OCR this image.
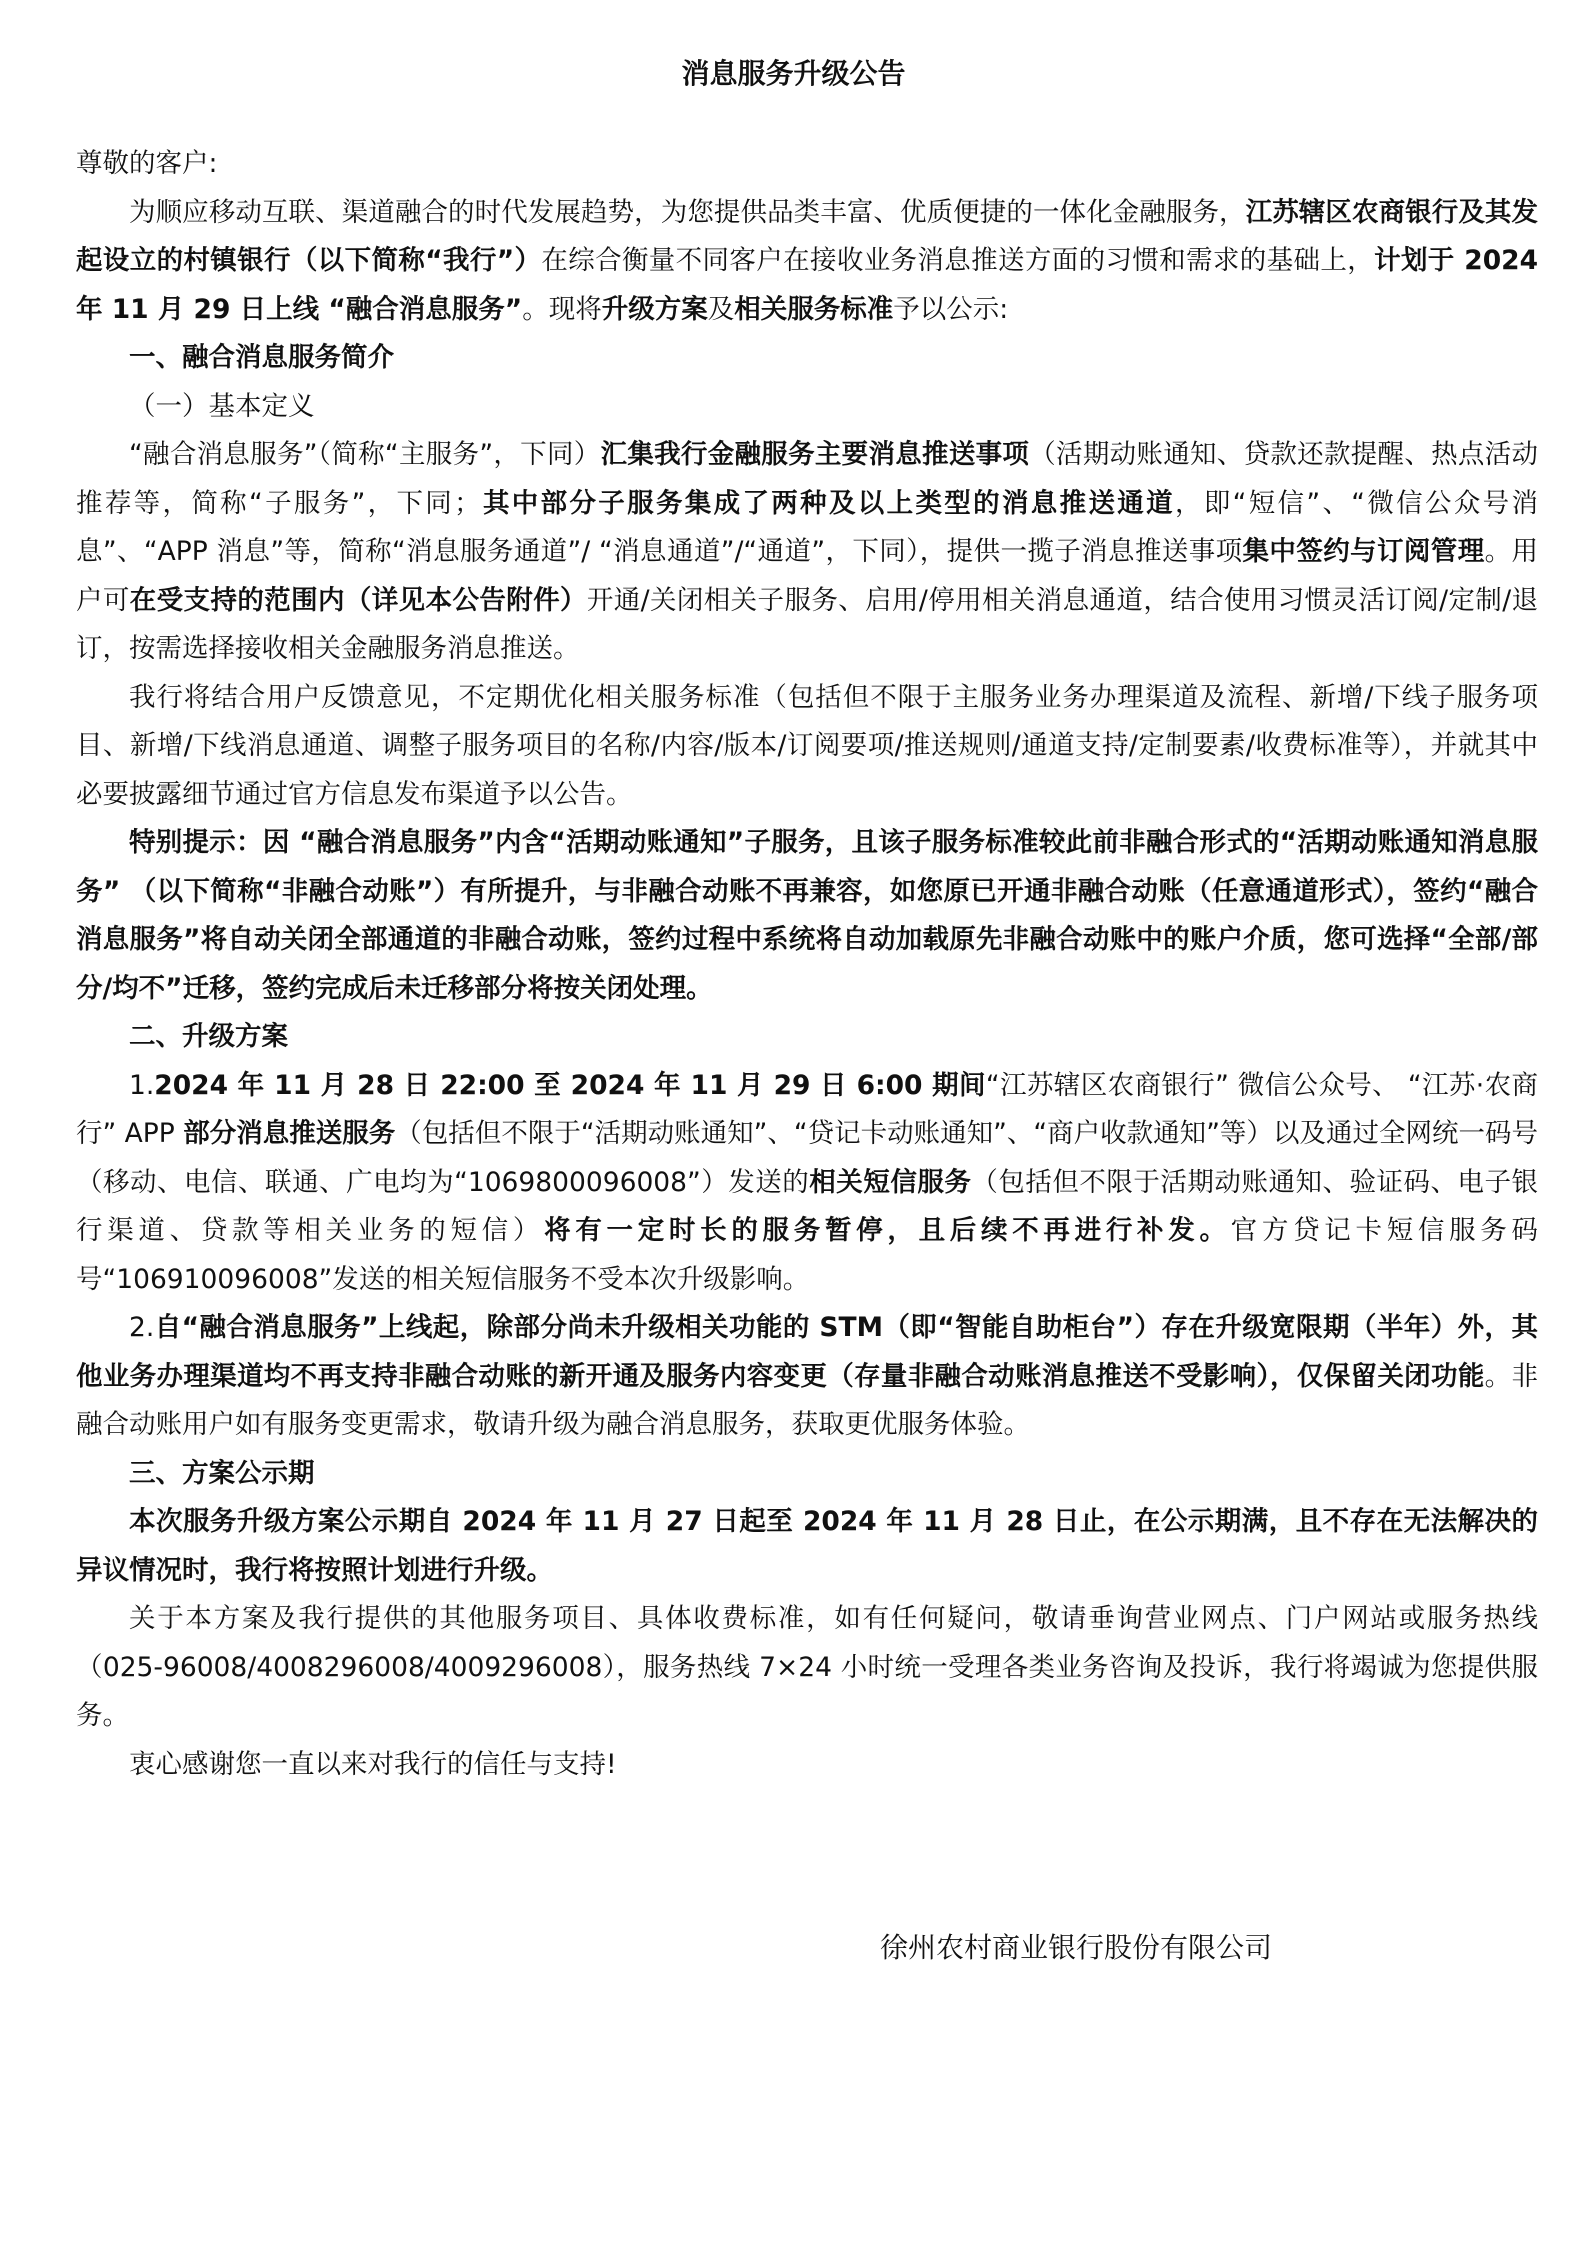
消息服务升级公告

尊敬的客户:

为顺应移动互联、渠道融合的时代发展趋势，为您提供品类丰富、优质便捷的一体化金融服务，江苏辖区农商银行及其发起设立的村镇银行（以下简称“我行”）在综合衡量不同客户在接收业务消息推送方面的习惯和需求的基础上，计划于 2024 年 11 月 29 日上线 “融合消息服务”。现将升级方案及相关服务标准予以公示:

一、融合消息服务简介

（一）基本定义

“融合消息服务”（简称“主服务”，下同）汇集我行金融服务主要消息推送事项（活期动账通知、贷款还款提醒、热点活动推荐等，简称“子服务”，下同；其中部分子服务集成了两种及以上类型的消息推送通道，即“短信”、“微信公众号消息”、“APP 消息”等，简称“消息服务通道”/ “消息通道”/“通道”，下同），提供一揽子消息推送事项集中签约与订阅管理。用户可在受支持的范围内（详见本公告附件）开通/关闭相关子服务、启用/停用相关消息通道，结合使用习惯灵活订阅/定制/退订，按需选择接收相关金融服务消息推送。

我行将结合用户反馈意见，不定期优化相关服务标准（包括但不限于主服务业务办理渠道及流程、新增/下线子服务项目、新增/下线消息通道、调整子服务项目的名称/内容/版本/订阅要项/推送规则/通道支持/定制要素/收费标准等），并就其中必要披露细节通过官方信息发布渠道予以公告。

特别提示：因 “融合消息服务”内含“活期动账通知”子服务，且该子服务标准较此前非融合形式的“活期动账通知消息服务” （以下简称“非融合动账”）有所提升，与非融合动账不再兼容，如您原已开通非融合动账（任意通道形式），签约“融合消息服务”将自动关闭全部通道的非融合动账，签约过程中系统将自动加载原先非融合动账中的账户介质，您可选择“全部/部分/均不”迁移，签约完成后未迁移部分将按关闭处理。

二、升级方案

1.2024 年 11 月 28 日 22:00 至 2024 年 11 月 29 日 6:00 期间“江苏辖区农商银行” 微信公众号、 “江苏·农商行” APP 部分消息推送服务（包括但不限于“活期动账通知”、“贷记卡动账通知”、“商户收款通知”等）以及通过全网统一码号（移动、电信、联通、广电均为“1069800096008”）发送的相关短信服务（包括但不限于活期动账通知、验证码、电子银行渠道、贷款等相关业务的短信）将有一定时长的服务暂停，且后续不再进行补发。官方贷记卡短信服务码号“106910096008”发送的相关短信服务不受本次升级影响。

2.自“融合消息服务”上线起，除部分尚未升级相关功能的 STM（即“智能自助柜台”）存在升级宽限期（半年）外，其他业务办理渠道均不再支持非融合动账的新开通及服务内容变更（存量非融合动账消息推送不受影响），仅保留关闭功能。非融合动账用户如有服务变更需求，敬请升级为融合消息服务，获取更优服务体验。

三、方案公示期

本次服务升级方案公示期自 2024 年 11 月 27 日起至 2024 年 11 月 28 日止，在公示期满，且不存在无法解决的异议情况时，我行将按照计划进行升级。

关于本方案及我行提供的其他服务项目、具体收费标准，如有任何疑问，敬请垂询营业网点、门户网站或服务热线（025-96008/4008296008/4009296008），服务热线 7×24 小时统一受理各类业务咨询及投诉，我行将竭诚为您提供服务。

衷心感谢您一直以来对我行的信任与支持!

徐州农村商业银行股份有限公司
